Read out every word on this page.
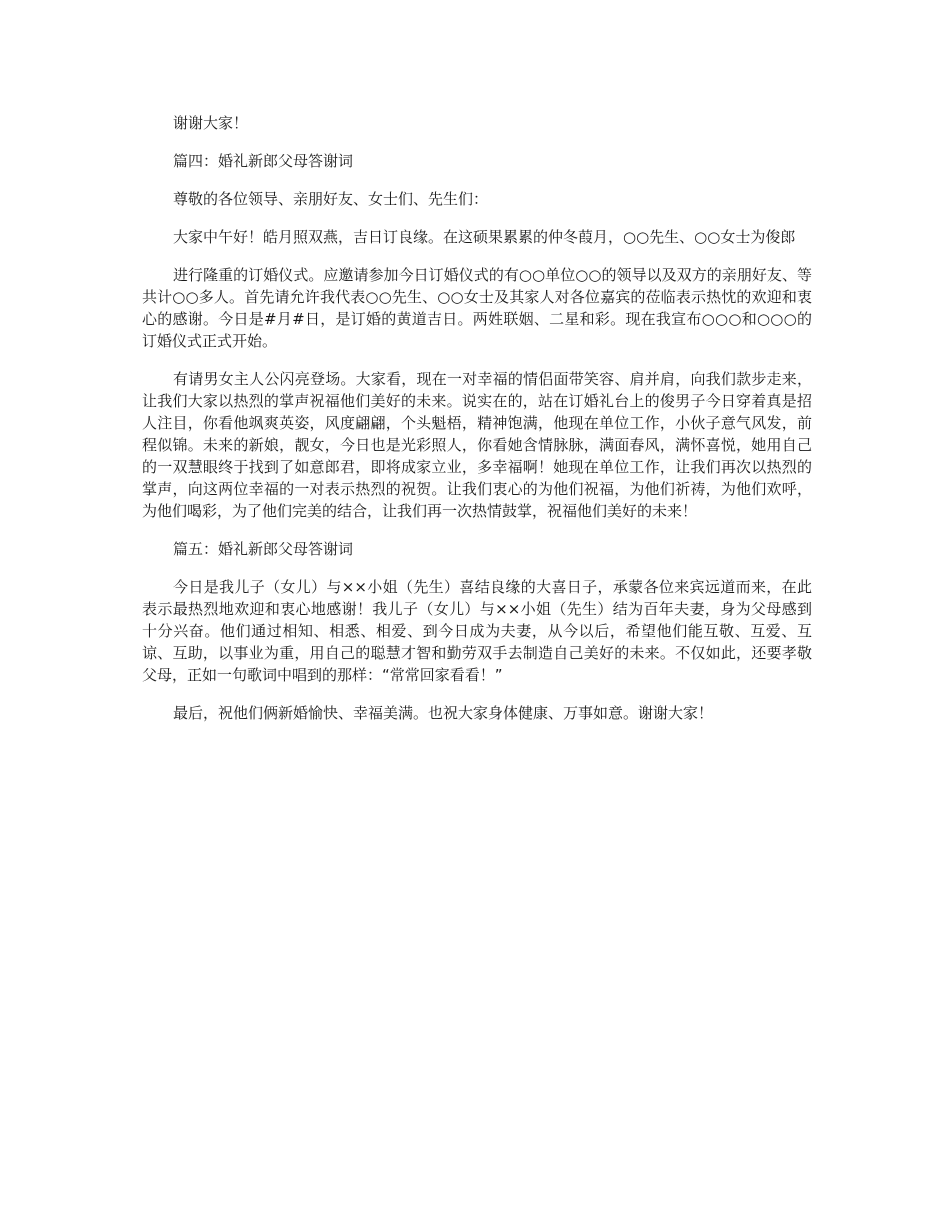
谢谢大家！

篇四：婚礼新郎父母答谢词

尊敬的各位领导、亲朋好友、女士们、先生们：

大家中午好！皓月照双燕，吉日订良缘。在这硕果累累的仲冬葭月，○○先生、○○女士为俊郎

进行隆重的订婚仪式。应邀请参加今日订婚仪式的有○○单位○○的领导以及双方的亲朋好友、等共计○○多人。首先请允许我代表○○先生、○○女士及其家人对各位嘉宾的莅临表示热忱的欢迎和衷心的感谢。今日是#月#日，是订婚的黄道吉日。两姓联姻、二星和彩。现在我宣布○○○和○○○的订婚仪式正式开始。

有请男女主人公闪亮登场。大家看，现在一对幸福的情侣面带笑容、肩并肩，向我们款步走来，让我们大家以热烈的掌声祝福他们美好的未来。说实在的，站在订婚礼台上的俊男子今日穿着真是招人注目，你看他飒爽英姿，风度翩翩，个头魁梧，精神饱满，他现在单位工作，小伙子意气风发，前程似锦。未来的新娘，靓女，今日也是光彩照人，你看她含情脉脉，满面春风，满怀喜悦，她用自己的一双慧眼终于找到了如意郎君，即将成家立业，多幸福啊！她现在单位工作，让我们再次以热烈的掌声，向这两位幸福的一对表示热烈的祝贺。让我们衷心的为他们祝福，为他们祈祷，为他们欢呼，为他们喝彩，为了他们完美的结合，让我们再一次热情鼓掌，祝福他们美好的未来！

篇五：婚礼新郎父母答谢词

今日是我儿子（女儿）与××小姐（先生）喜结良缘的大喜日子，承蒙各位来宾远道而来，在此表示最热烈地欢迎和衷心地感谢！我儿子（女儿）与××小姐（先生）结为百年夫妻，身为父母感到十分兴奋。他们通过相知、相悉、相爱、到今日成为夫妻，从今以后，希望他们能互敬、互爱、互谅、互助，以事业为重，用自己的聪慧才智和勤劳双手去制造自己美好的未来。不仅如此，还要孝敬父母，正如一句歌词中唱到的那样：“常常回家看看！”

最后，祝他们俩新婚愉快、幸福美满。也祝大家身体健康、万事如意。谢谢大家！
